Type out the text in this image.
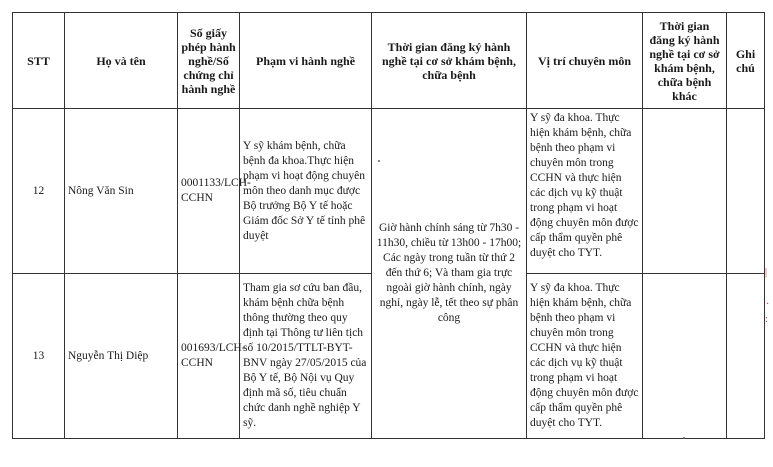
STT	Họ và tên	Số giấy phép hành nghề/Số chứng chỉ hành nghề	Phạm vi hành nghề	Thời gian đăng ký hành nghề tại cơ sở khám bệnh, chữa bệnh	Vị trí chuyên môn	Thời gian đăng ký hành nghề tại cơ sở khám bệnh, chữa bệnh khác	Ghi chú
12	Nông Văn Sin	0001133/LCH-CCHN	Y sỹ khám bệnh, chữa bệnh đa khoa.Thực hiện phạm vi hoạt động chuyên môn theo danh mục được Bộ trưởng Bộ Y tế hoặc Giám đốc Sở Y tế tỉnh phê duyệt	Giờ hành chính sáng từ 7h30 - 11h30, chiều từ 13h00 - 17h00; Các ngày trong tuần từ thứ 2 đến thứ 6; Và tham gia trực ngoài giờ hành chính, ngày nghỉ, ngày lễ, tết theo sự phân công	Y sỹ đa khoa. Thực hiện khám bệnh, chữa bệnh theo phạm vi chuyên môn trong CCHN và thực hiện các dịch vụ kỹ thuật trong phạm vi hoạt động chuyên môn được cấp thẩm quyền phê duyệt cho TYT.		
13	Nguyễn Thị Diệp	001693/LCH-CCHN	Tham gia sơ cứu ban đầu, khám bệnh chữa bệnh thông thường theo quy định tại Thông tư liên tịch số 10/2015/TTLT-BYT-BNV ngày 27/05/2015 của Bộ Y tế, Bộ Nội vụ Quy định mã số, tiêu chuẩn chức danh nghề nghiệp Y sỹ.		Y sỹ đa khoa. Thực hiện khám bệnh, chữa bệnh theo phạm vi chuyên môn trong CCHN và thực hiện các dịch vụ kỹ thuật trong phạm vi hoạt động chuyên môn được cấp thẩm quyền phê duyệt cho TYT.		
|
·
:
